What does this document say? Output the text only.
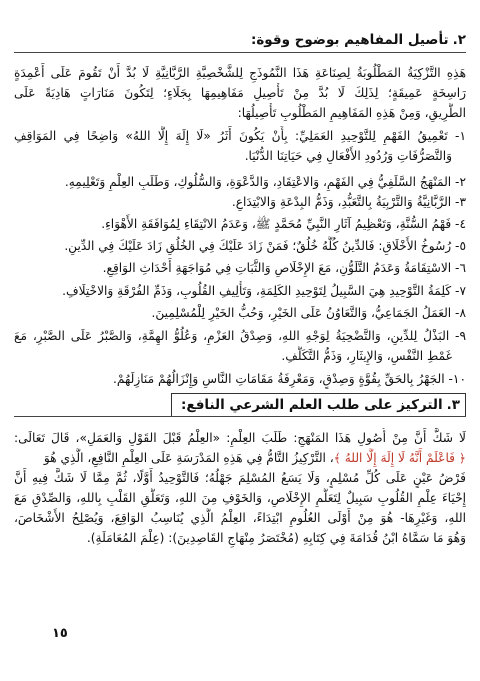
٢.
تأصيل المفاهيم بوضوح وقوة:
هَذِهِ التَّزْكِيَةُ المَطْلُوبَةُ لِصِنَاعَةِ هَذَا النَّمُوذَجِ لِلشَّخْصِيَّةِ الرَّبَّانِيَّةِ لَا بُدَّ أَنْ تَقُومَ عَلَى أَعْمِدَةٍ
رَاسِخَةٍ عَمِيقَةٍ؛ لِذَلِكَ لَا بُدَّ مِنْ تَأْصِيلِ مَفَاهِيمِهَا بِجَلَاءٍ؛ لِتَكُونَ مَنَارَاتٍ هَادِيَةً عَلَى
الطَّرِيقِ، وَمِنْ هَذِهِ المَفَاهِيمِ المَطْلُوبِ تَأْصِيلُهَا:
١- تَعْمِيقُ الفَهْمِ لِلتَّوْحِيدِ العَمَلِيِّ: بِأَنْ يَكُونَ أَثَرُ «لَا إِلَهَ إِلَّا اللهُ» وَاضِحًا فِي المَوَاقِفِ
وَالتَّصَرُّفَاتِ وَرُدُودِ الأَفْعَالِ فِي حَيَاتِنَا الدُّنْيَا.
٢- المَنْهَجُ السَّلَفِيُّ فِي الفَهْمِ، وَالاعْتِقَادِ، وَالدَّعْوَةِ، وَالسُّلُوكِ، وَطَلَبِ العِلْمِ وَتَعْلِيمِهِ.
٣- الرَّبَّانِيَّةُ وَالتَّرْبِيَةُ بِالتَّعَبُّدِ، وَذَمُّ البِدْعَةِ وَالابْتِدَاعِ.
٤- فَهْمُ السُّنَّةِ، وَتَعْظِيمُ آثَارِ النَّبِيِّ مُحَمَّدٍ ﷺ، وَعَدَمُ الانْتِقَاءِ لِمُوَافَقَةِ الأَهْوَاءِ.
٥- رُسُوخُ الأَخْلَاقِ: فَالدِّينُ كُلُّهُ خُلُقٌ؛ فَمَنْ زَادَ عَلَيْكَ فِي الخُلُقِ زَادَ عَلَيْكَ فِي الدِّينِ.
٦- الاسْتِقَامَةُ وَعَدَمُ التَّلَوُّنِ، مَعَ الإِخْلَاصِ وَالثَّبَاتِ فِي مُوَاجَهَةِ أَحْدَاثِ الوَاقِعِ.
٧- كَلِمَةُ التَّوْحِيدِ هِيَ السَّبِيلُ لِتَوْحِيدِ الكَلِمَةِ، وَتَأْلِيفِ القُلُوبِ، وَذَمِّ الفُرْقَةِ وَالاخْتِلَافِ.
٨- العَمَلُ الجَمَاعِيُّ، وَالتَّعَاوُنُ عَلَى الخَيْرِ، وَحُبُّ الخَيْرِ لِلْمُسْلِمِينَ.
٩- البَذْلُ لِلدِّينِ، وَالتَّضْحِيَةُ لِوَجْهِ اللهِ، وَصِدْقُ العَزْمِ، وَعُلُوُّ الهِمَّةِ، وَالصَّبْرُ عَلَى الصَّبْرِ، مَعَ
غَمْطِ النَّفْسِ، وَالإِيثَارِ، وَذَمُّ التَّكَلُّفِ.
١٠- الجَهْرُ بِالحَقِّ بِقُوَّةٍ وَصِدْقٍ، وَمَعْرِفَةُ مَقَامَاتِ النَّاسِ وَإِنْزَالُهُمْ مَنَازِلَهُمْ.
٣.
التركيز على طلب العلم الشرعي النافع:
لَا شَكَّ أَنَّ مِنْ أُصُولِ هَذَا المَنْهَجِ: طَلَبَ العِلْمِ: «العِلْمُ قَبْلَ القَوْلِ وَالعَمَلِ»، قَالَ تَعَالَى:
﴿ فَاعْلَمْ أَنَّهُ لَا إِلَهَ إِلَّا اللهُ ﴾، التَّرْكِيزُ التَّامُّ فِي هَذِهِ المَدْرَسَةِ عَلَى العِلْمِ النَّافِعِ، الَّذِي هُوَ
فَرْضُ عَيْنٍ عَلَى كُلِّ مُسْلِمٍ، وَلَا يَسَعُ المُسْلِمَ جَهْلُهُ؛ فَالتَّوْحِيدُ أَوَّلًا، ثُمَّ مِمَّا لَا شَكَّ فِيهِ أَنَّ
إِحْيَاءَ عِلْمِ القُلُوبِ سَبِيلٌ لِتَعَلُّمِ الإِخْلَاصِ، وَالخَوْفِ مِنَ اللهِ، وَتَعَلُّقِ القَلْبِ بِاللهِ، وَالصِّدْقِ مَعَ
اللهِ، وَغَيْرِهَا- هُوَ مِنْ أَوْلَى العُلُومِ ابْتِدَاءً، العِلْمُ الَّذِي يُنَاسِبُ الوَاقِعَ، وَيُصْلِحُ الأَشْخَاصَ،
وَهُوَ مَا سَمَّاهُ ابْنُ قُدَامَةَ فِي كِتَابِهِ (مُخْتَصَرُ مِنْهَاجِ القَاصِدِينَ): (عِلْمَ المُعَامَلَةِ).
١٥
